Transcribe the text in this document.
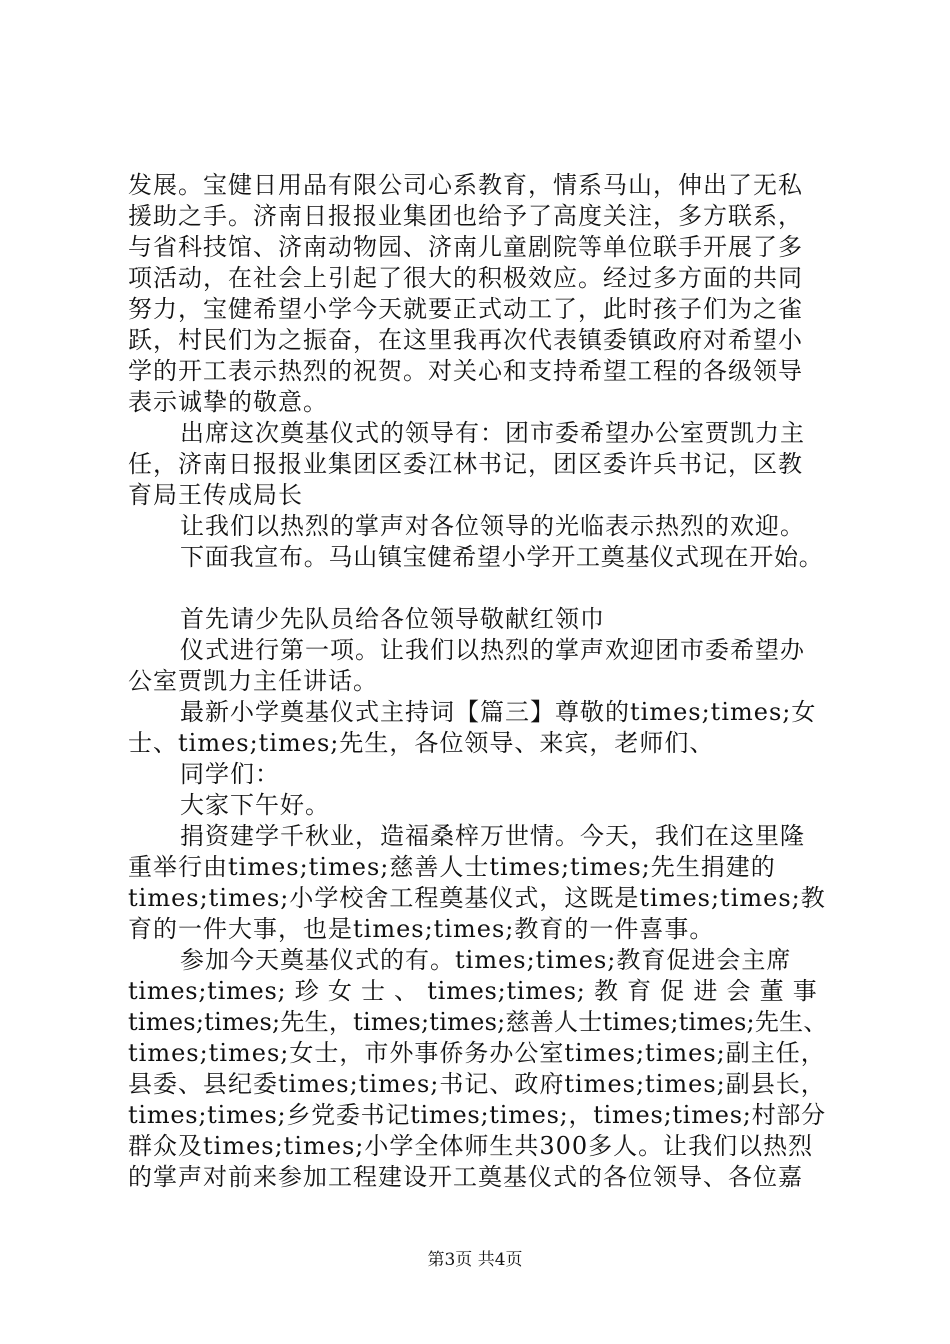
发展。宝健日用品有限公司心系教育，情系马山，伸出了无私
援助之手。济南日报报业集团也给予了高度关注，多方联系，
与省科技馆、济南动物园、济南儿童剧院等单位联手开展了多
项活动，在社会上引起了很大的积极效应。经过多方面的共同
努力，宝健希望小学今天就要正式动工了，此时孩子们为之雀
跃，村民们为之振奋，在这里我再次代表镇委镇政府对希望小
学的开工表示热烈的祝贺。对关心和支持希望工程的各级领导
表示诚挚的敬意。
出席这次奠基仪式的领导有：团市委希望办公室贾凯力主
任，济南日报报业集团区委江林书记，团区委许兵书记，区教
育局王传成局长
让我们以热烈的掌声对各位领导的光临表示热烈的欢迎。
下面我宣布。马山镇宝健希望小学开工奠基仪式现在开始。
首先请少先队员给各位领导敬献红领巾
仪式进行第一项。让我们以热烈的掌声欢迎团市委希望办
公室贾凯力主任讲话。
最新小学奠基仪式主持词【篇三】尊敬的times;times;女
士、times;times;先生，各位领导、来宾，老师们、
同学们：
大家下午好。
捐资建学千秋业，造福桑梓万世情。今天，我们在这里隆
重举行由times;times;慈善人士times;times;先生捐建的
times;times;小学校舍工程奠基仪式，这既是times;times;教
育的一件大事，也是times;times;教育的一件喜事。
参加今天奠基仪式的有。times;times;教育促进会主席
times;times; 珍 女 士 、 times;times; 教 育 促 进 会 董 事
times;times;先生，times;times;慈善人士times;times;先生、
times;times;女士，市外事侨务办公室times;times;副主任，
县委、县纪委times;times;书记、政府times;times;副县长，
times;times;乡党委书记times;times;，times;times;村部分
群众及times;times;小学全体师生共300多人。让我们以热烈
的掌声对前来参加工程建设开工奠基仪式的各位领导、各位嘉
第3页 共4页
